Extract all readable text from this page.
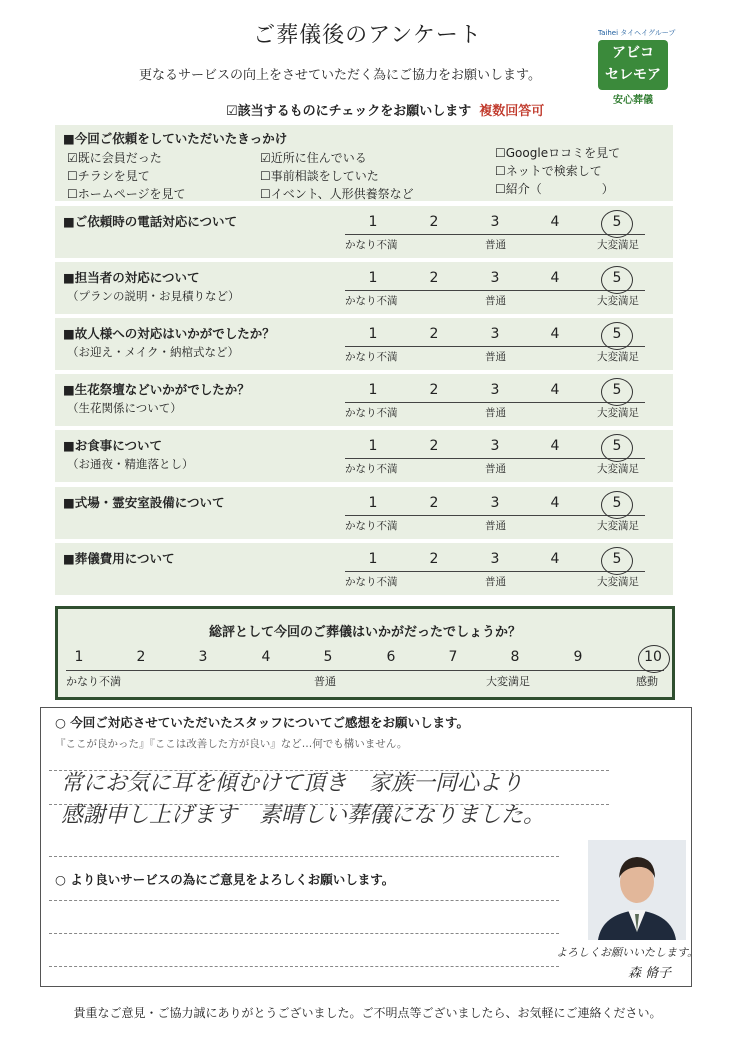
ご葬儀後のアンケート
更なるサービスの向上をさせていただく為にご協力をお願いします。
Taihei タイヘイグループ
アビコ
セレモア
安心葬儀
☑該当するものにチェックをお願いします 複数回答可
■今回ご依頼をしていただいたきっかけ
☑既に会員だった
☐チラシを見て
☐ホームページを見て
☑近所に住んでいる
☐事前相談をしていた
☐イベント、人形供養祭など
☐Googleロコミを見て
☐ネットで検索して
☐紹介（　　　　　）
■ご依頼時の電話対応について	1	2	3	4	5
かなり不満	普通	大変満足
■担当者の対応について
（プランの説明・お見積りなど）
1	2	3	4	5
かなり不満	普通	大変満足
■故人様への対応はいかがでしたか？
（お迎え・メイク・納棺式など）
1	2	3	4	5
かなり不満	普通	大変満足
■生花祭壇などいかがでしたか？
（生花関係について）
1	2	3	4	5
かなり不満	普通	大変満足
■お食事について
（お通夜・精進落とし）
1	2	3	4	5
かなり不満	普通	大変満足
■式場・霊安室設備について	1	2	3	4	5
かなり不満	普通	大変満足
■葬儀費用について	1	2	3	4	5
かなり不満	普通	大変満足
総評として今回のご葬儀はいかがだったでしょうか？
1	2	3	4	5	6	7	8	9	10
かなり不満	普通	大変満足	感動
○ 今回ご対応させていただいたスタッフについてご感想をお願いします。
『ここが良かった』『ここは改善した方が良い』など…何でも構いません。
常にお気に耳を傾むけて頂き　家族一同心より
感謝申し上げます　素晴しい葬儀になりました。
○ より良いサービスの為にご意見をよろしくお願いします。
よろしくお願いいたします。
森 脩子
貴重なご意見・ご協力誠にありがとうございました。ご不明点等ございましたら、お気軽にご連絡ください。
